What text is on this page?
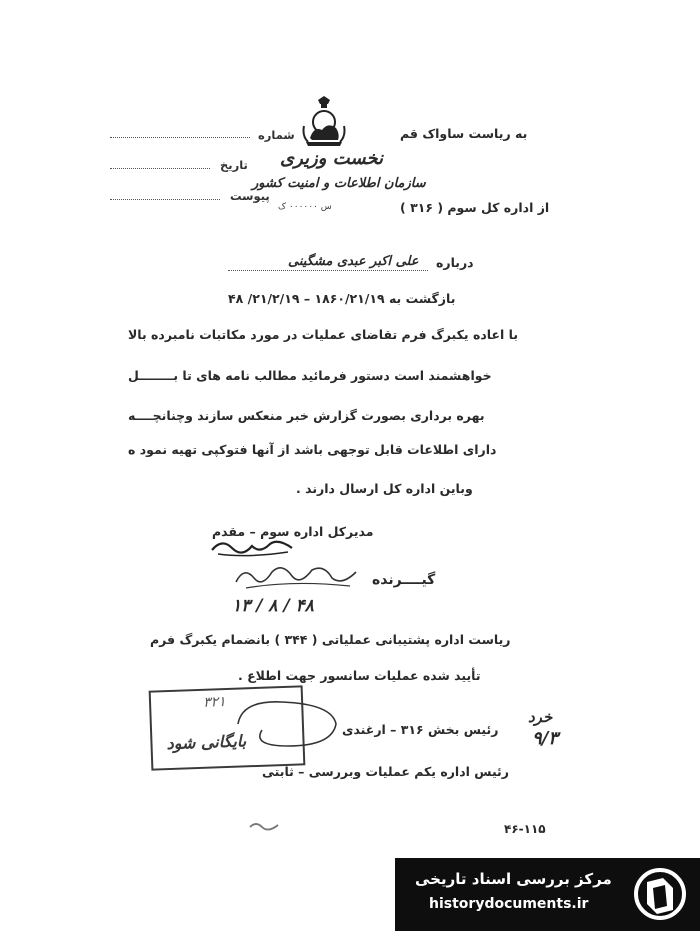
شماره
تاریخ
پیوست
نخست وزیری
سازمان اطلاعات و امنیت کشور
س ۰۰۰۰۰۰ ک
به ریاست ساواک قم
از اداره کل سوم ( ۳۱۶ )
علی اکبر عبدی مشگینی درباره
بازگشت به ۱۸۶۰/۲۱/۱۹ – ۲۱/۲/۱۹/ ۴۸
با اعاده یکبرگ فرم تقاضای عملیات در مورد مکاتبات نامبرده بالا
خواهشمند است دستور فرمائید مطالب نامه های تا بــــــــل
بهره برداری بصورت گزارش خبر منعکس سازند وچنانچــــه
دارای اطلاعات قابل توجهی باشد از آنها فتوکپی تهیه نمود ه
وباین اداره کل ارسال دارند .
مدیرکل اداره سوم – مقدم
گیــــرنده
۱۳ / ۸ / ۴۸
ریاست اداره پشتیبانی عملیاتی ( ۳۴۴ ) بانضمام یکبرگ فرم
تأیید شده عملیات سانسور جهت اطلاع .
رئیس بخش ۳۱۶ – ارغندی
رئیس اداره یکم عملیات وبررسی – ثابتی
بایگانی شود
۳۲۱
خرد
۹/۳
۴۶-۱۱۵
مرکز بررسی اسناد تاریخی
historydocuments.ir
